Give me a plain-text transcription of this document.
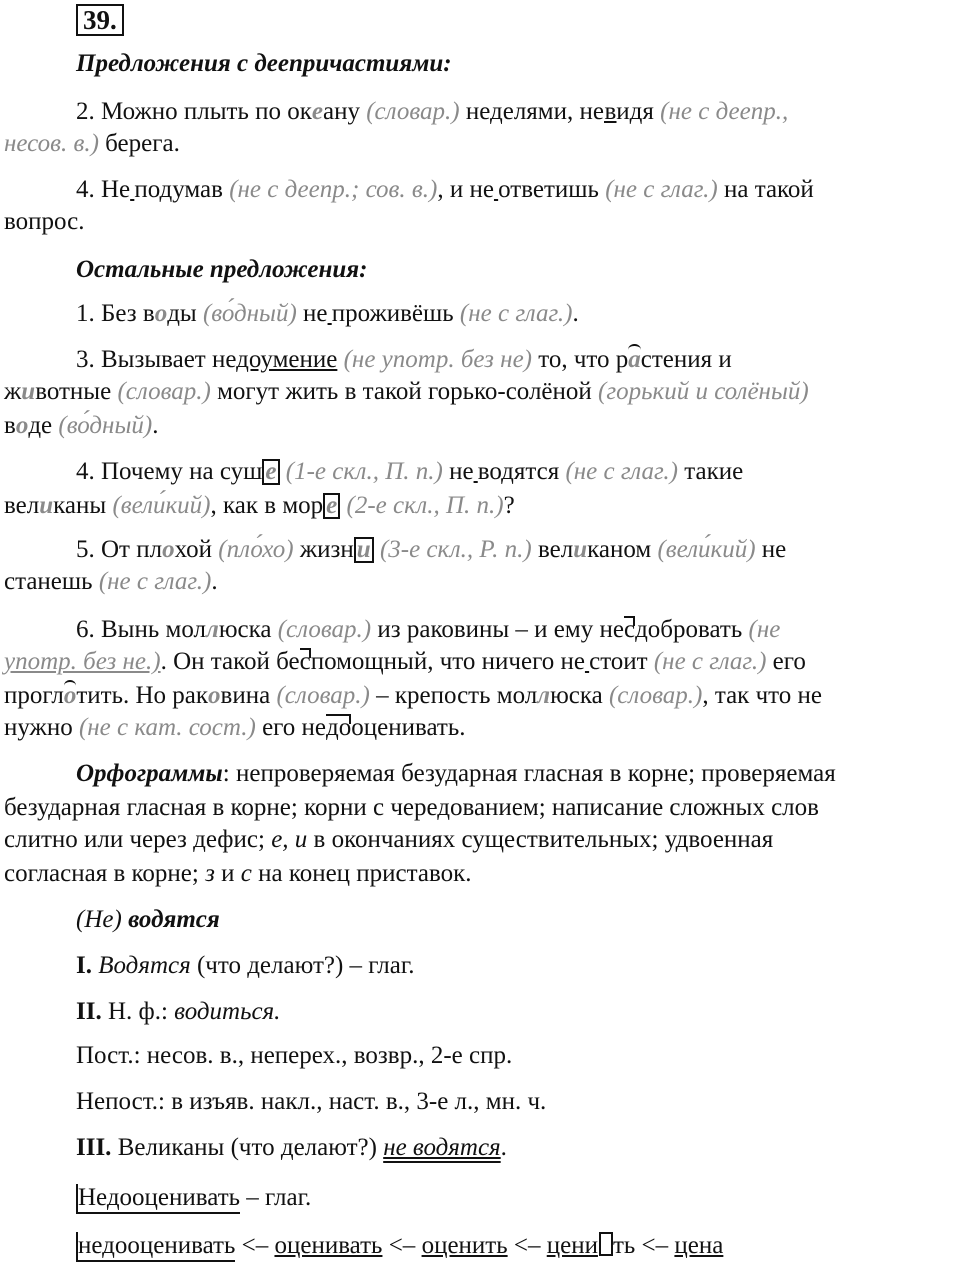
39.
Предложения с деепричастиями:
2. Можно плыть по океану (словар.) неделями, не видя (не с деепр.,
несов. в.) берега.
4. Не  подумав (не с деепр.; сов. в.), и не  ответишь (не с глаг.) на такой
вопрос.
Остальные предложения:
1. Без воды (во́дный) не  проживёшь (не с глаг.).
3. Вызывает недоумение (не употр. без не) то, что растения и
животные (словар.) могут жить в такой горько-солёной (горький и солёный)
воде (во́дный).
4. Почему на суш е (1-е скл., П. п.) не  водятся (не с глаг.) такие
великаны (вели́кий), как в мор е (2-е скл., П. п.)?
5. От плохой (пло́хо) жизн и (3-е скл., Р. п.) великаном (вели́кий) не
станешь (не с глаг.).
6. Вынь моллюска (словар.) из раковины – и ему несдобровать (не
употр. без не.). Он такой беспомощный, что ничего не  стоит (не с глаг.) его
проглотить. Но раковина (словар.) – крепость моллюска (словар.), так что не
нужно (не с кат. сост.) его недооценивать.
Орфограммы: непроверяемая безударная гласная в корне; проверяемая
безударная гласная в корне; корни с чередованием; написание сложных слов
слитно или через дефис; е, и в окончаниях существительных; удвоенная
согласная в корне; з и с на конец приставок.
(Не) водятся
I. Водятся (что делают?) – глаг.
II. Н. ф.: водиться.
Пост.: несов. в., неперех., возвр., 2-е спр.
Непост.: в изъяв. накл., наст. в., 3-е л., мн. ч.
III. Великаны (что делают?) не водятся.
Недооценивать – глаг.
недооценивать <– оценивать <– оценить <– цени ть <– цена
